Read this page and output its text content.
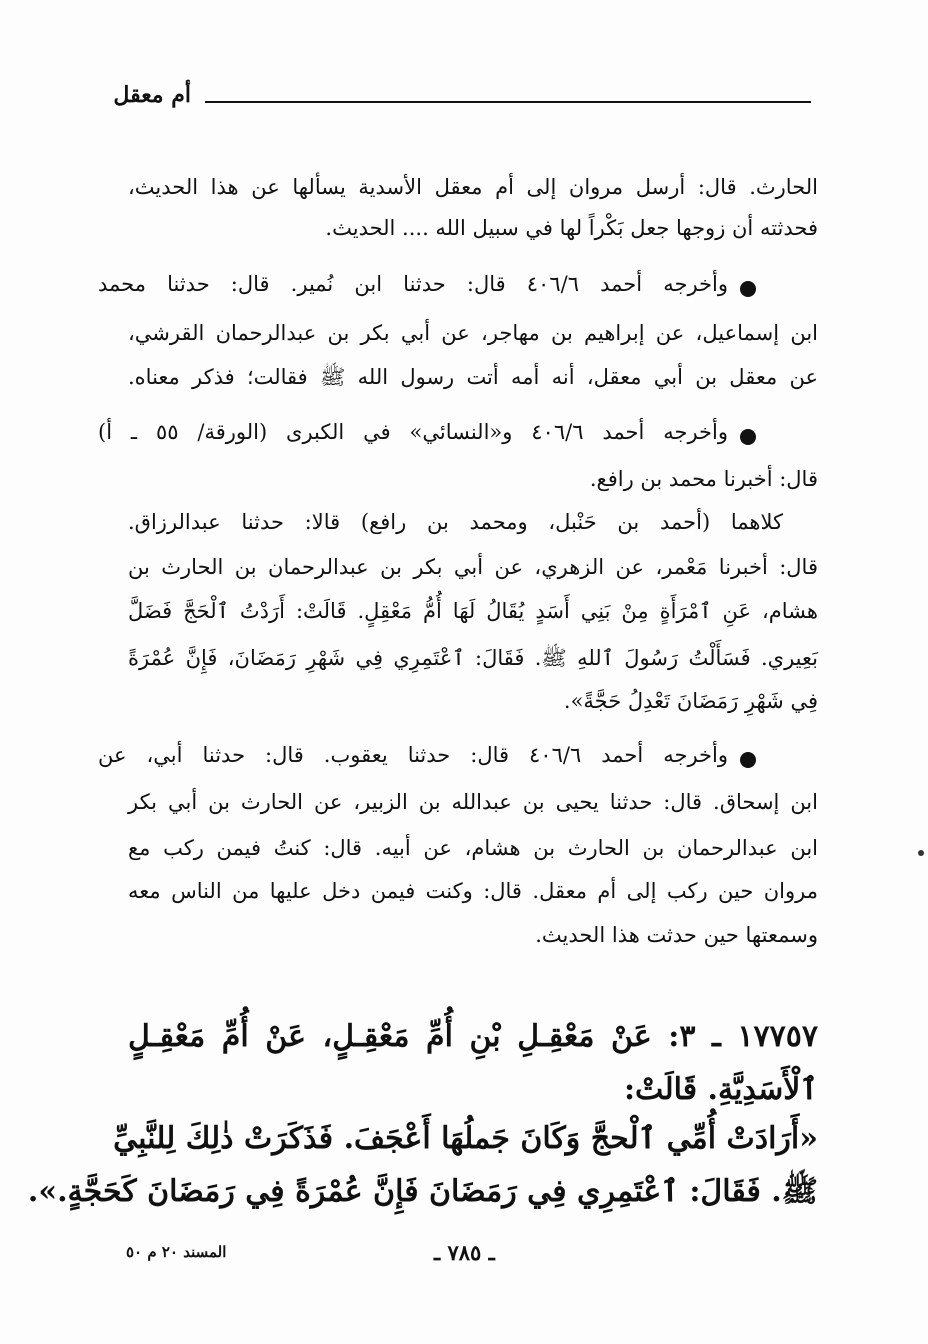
أم معقل
الحارث. قال: أرسل مروان إلى أم معقل الأسدية يسألها عن هذا الحديث،
فحدثته أن زوجها جعل بَكْراً لها في سبيل الله .... الحديث.
وأخرجه أحمد ٤٠٦/٦ قال: حدثنا ابن نُمير. قال: حدثنا محمد
ابن إسماعيل، عن إبراهيم بن مهاجر، عن أبي بكر بن عبدالرحمان القرشي،
عن معقل بن أبي معقل، أنه أمه أتت رسول الله ﷺ فقالت؛ فذكر معناه.
وأخرجه أحمد ٤٠٦/٦ و«النسائي» في الكبرى (الورقة/ ٥٥ ـ أ)
قال: أخبرنا محمد بن رافع.
كلاهما (أحمد بن حَنْبل، ومحمد بن رافع) قالا: حدثنا عبدالرزاق.
قال: أخبرنا مَعْمر، عن الزهري، عن أبي بكر بن عبدالرحمان بن الحارث بن
هشام، عَنِ ٱمْرَأَةٍ مِنْ بَنِي أَسَدٍ يُقَالُ لَهَا أُمُّ مَعْقِلٍ. قَالَتْ: أَرَدْتُ ٱلْحَجَّ فَضَلَّ
بَعِيري. فَسَأَلْتُ رَسُولَ ٱللهِ ﷺ. فَقَالَ: ٱعْتَمِرِي فِي شَهْرِ رَمَضَانَ، فَإِنَّ عُمْرَةً
فِي شَهْرِ رَمَضَانَ تَعْدِلُ حَجَّةً».
وأخرجه أحمد ٤٠٦/٦ قال: حدثنا يعقوب. قال: حدثنا أبي، عن
ابن إسحاق. قال: حدثنا يحيى بن عبدالله بن الزبير، عن الحارث بن أبي بكر
ابن عبدالرحمان بن الحارث بن هشام، عن أبيه. قال: كنتُ فيمن ركب مع
مروان حين ركب إلى أم معقل. قال: وكنت فيمن دخل عليها من الناس معه
وسمعتها حين حدثت هذا الحديث.
١٧٧٥٧ ـ ٣: عَنْ مَعْقِـلِ بْنِ أُمِّ مَعْقِـلٍ، عَنْ أُمِّ مَعْقِـلٍ
ٱلْأَسَدِيَّةِ. قَالَتْ:
«أَرَادَتْ أُمِّي ٱلْحجَّ وَكَانَ جَملُهَا أَعْجَفَ. فَذَكَرَتْ ذٰلِكَ لِلنَّبِيِّ
ﷺ. فَقَالَ: ٱعْتَمِرِي فِي رَمَضَانَ فَإِنَّ عُمْرَةً فِي رَمَضَانَ كَحَجَّةٍ.».
ـ ٧٨٥ ـ
المسند ٢٠ م ٥٠
